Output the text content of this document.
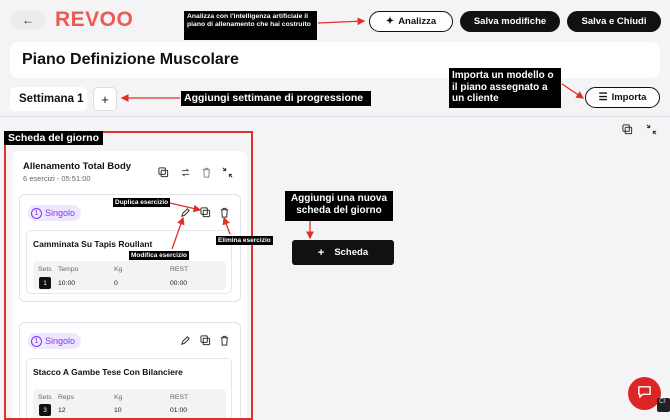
← REVOO	Analizza con l'intelligenza artificiale il piano di allenamento che hai costruito	✦ Analizza	Salva modifiche	Salva e Chiudi
Piano Definizione Muscolare
Settimana 1	+	Aggiungi settimane di progressione
Importa un modello o il piano assegnato a un cliente	☰ Importa
Allenamento Total Body
6 esercizi - 05:51:00
1 Singolo
Camminata Su Tapis Roullant
Sets Tempo	Kg	REST
1	10:00	0	00:00
1 Singolo
Stacco A Gambe Tese Con Bilanciere
Sets Reps	Kg	REST
3	12	10	01:00
Scheda del giorno
Duplica esercizio
Modifica esercizio
Elimina esercizio
Aggiungi una nuova scheda del giorno
+ Scheda
Cl
